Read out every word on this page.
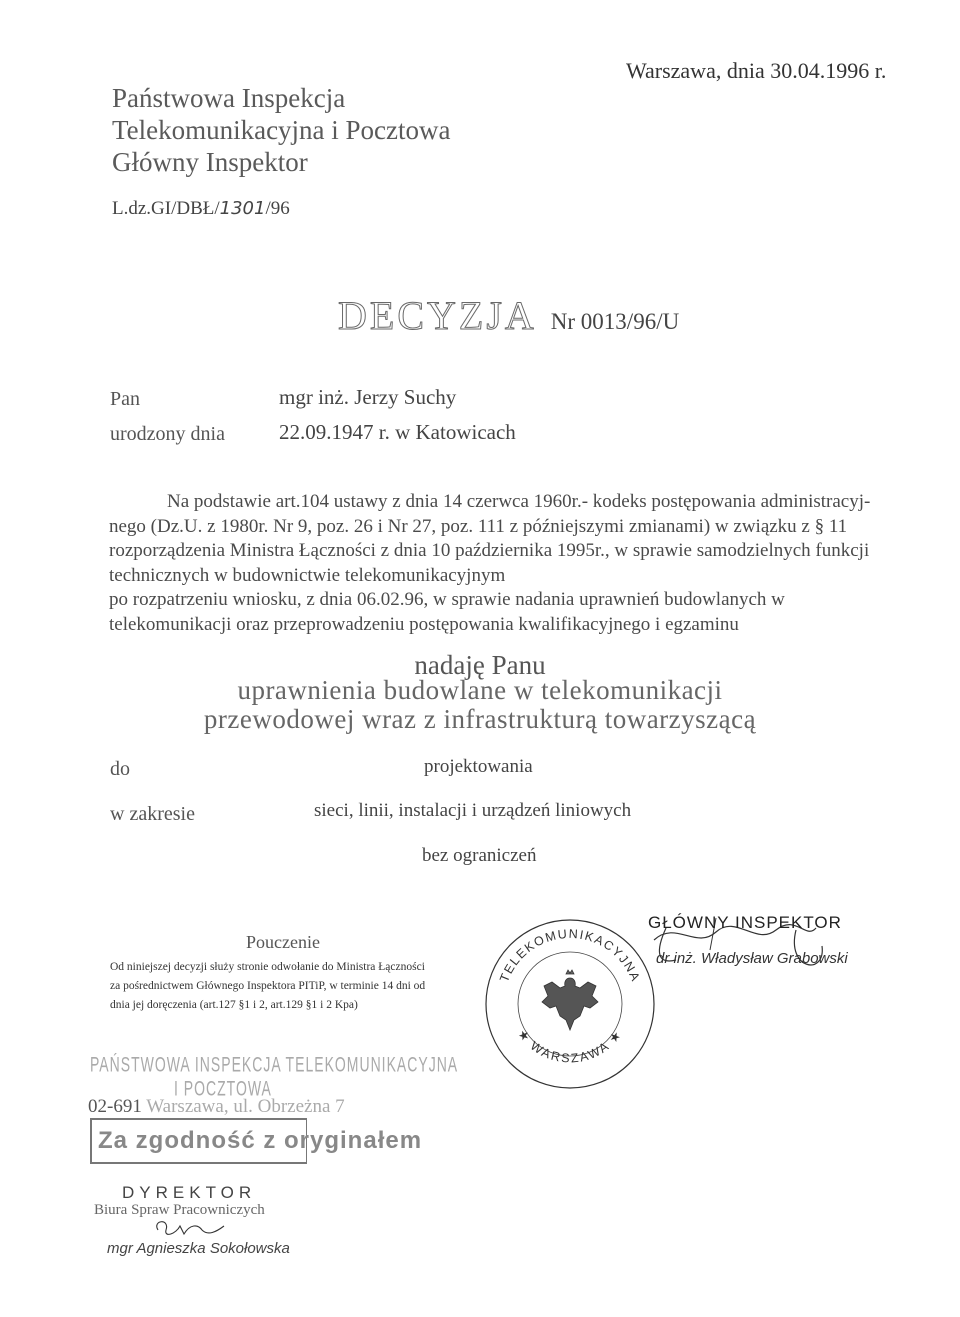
Państwowa Inspekcja
Telekomunikacyjna i Pocztowa
Główny Inspektor
Warszawa, dnia 30.04.1996 r.
L.dz.GI/DBŁ/1301/96
DECYZJA Nr 0013/96/U
Pan	mgr inż. Jerzy Suchy
urodzony dnia	22.09.1947 r. w Katowicach
Na podstawie art.104 ustawy z dnia 14 czerwca 1960r.- kodeks postępowania administracyj-
nego (Dz.U. z 1980r. Nr 9, poz. 26 i Nr 27, poz. 111 z późniejszymi zmianami) w związku z § 11
rozporządzenia Ministra Łączności z dnia 10 października 1995r., w sprawie samodzielnych funkcji
technicznych w budownictwie telekomunikacyjnym
po rozpatrzeniu wniosku, z dnia 06.02.96, w sprawie nadania uprawnień budowlanych w
telekomunikacji oraz przeprowadzeniu postępowania kwalifikacyjnego i egzaminu
nadaję Panu
uprawnienia budowlane w telekomunikacji
przewodowej wraz z infrastrukturą towarzyszącą
do	projektowania
w zakresie	sieci, linii, instalacji i urządzeń liniowych
bez ograniczeń
Pouczenie
Od niniejszej decyzji służy stronie odwołanie do Ministra Łączności
za pośrednictwem Głównego Inspektora PITiP, w terminie 14 dni od
dnia jej doręczenia (art.127 §1 i 2, art.129 §1 i 2 Kpa)
TELEKOMUNIKACYJNA
★ WARSZAWA ★
GŁÓWNY INSPEKTOR
dr inż. Władysław Grabowski
PAŃSTWOWA INSPEKCJA TELEKOMUNIKACYJNA
I POCZTOWA
02-691 Warszawa, ul. Obrzeżna 7
Za zgodność z oryginałem
DYREKTOR
Biura Spraw Pracowniczych
mgr Agnieszka Sokołowska
